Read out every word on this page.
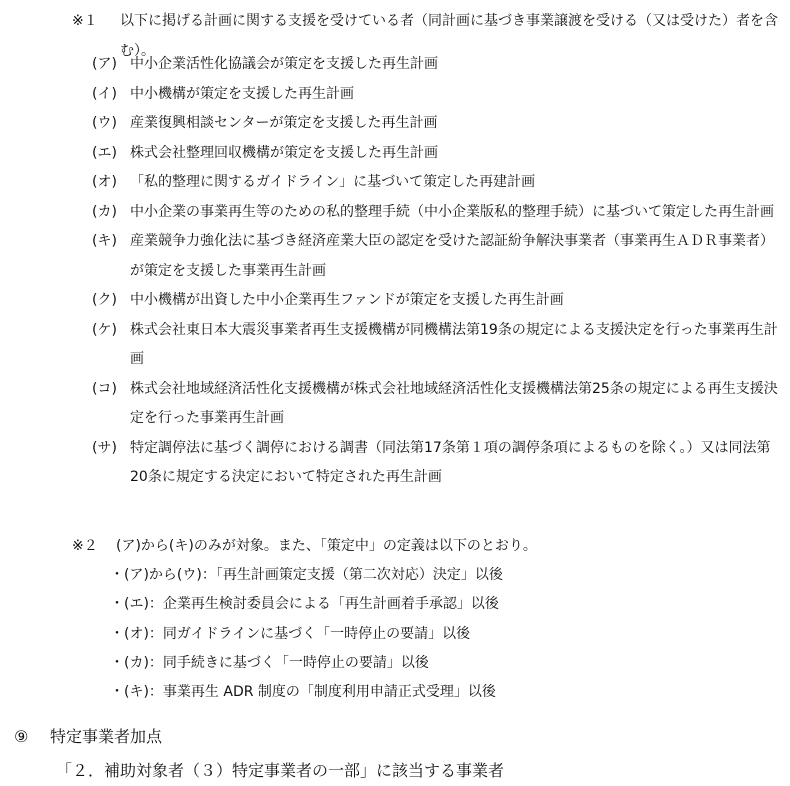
※１	以下に掲げる計画に関する支援を受けている者（同計画に基づき事業譲渡を受ける（又は受けた）者を含む）。
(ア) 中小企業活性化協議会が策定を支援した再生計画
(イ) 中小機構が策定を支援した再生計画
(ウ) 産業復興相談センターが策定を支援した再生計画
(エ) 株式会社整理回収機構が策定を支援した再生計画
(オ) 「私的整理に関するガイドライン」に基づいて策定した再建計画
(カ) 中小企業の事業再生等のための私的整理手続（中小企業版私的整理手続）に基づいて策定した再生計画
(キ) 産業競争力強化法に基づき経済産業大臣の認定を受けた認証紛争解決事業者（事業再生ＡＤＲ事業者）が策定を支援した事業再生計画
(ク) 中小機構が出資した中小企業再生ファンドが策定を支援した再生計画
(ケ) 株式会社東日本大震災事業者再生支援機構が同機構法第19条の規定による支援決定を行った事業再生計画
(コ) 株式会社地域経済活性化支援機構が株式会社地域経済活性化支援機構法第25条の規定による再生支援決定を行った事業再生計画
(サ) 特定調停法に基づく調停における調書（同法第17条第１項の調停条項によるものを除く。）又は同法第20条に規定する決定において特定された再生計画
※２ (ア)から(キ)のみが対象。また、「策定中」の定義は以下のとおり。
・(ア)から(ウ)：「再生計画策定支援（第二次対応）決定」以後
・(エ)：企業再生検討委員会による「再生計画着手承認」以後
・(オ)：同ガイドラインに基づく「一時停止の要請」以後
・(カ)：同手続きに基づく「一時停止の要請」以後
・(キ)：事業再生 ADR 制度の「制度利用申請正式受理」以後
⑨ 特定事業者加点
「２．補助対象者（３）特定事業者の一部」に該当する事業者
